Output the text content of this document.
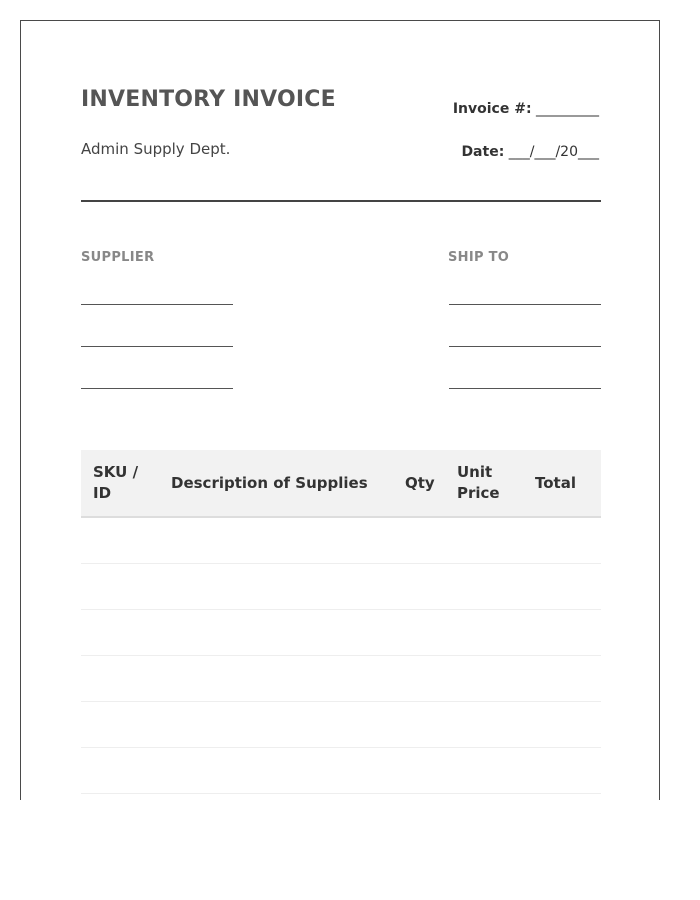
INVENTORY INVOICE
Admin Supply Dept.
Invoice #: _________
Date: ___/___/20___
SUPPLIER	SHIP TO
SKU / ID	Description of Supplies	Qty	Unit Price	Total
